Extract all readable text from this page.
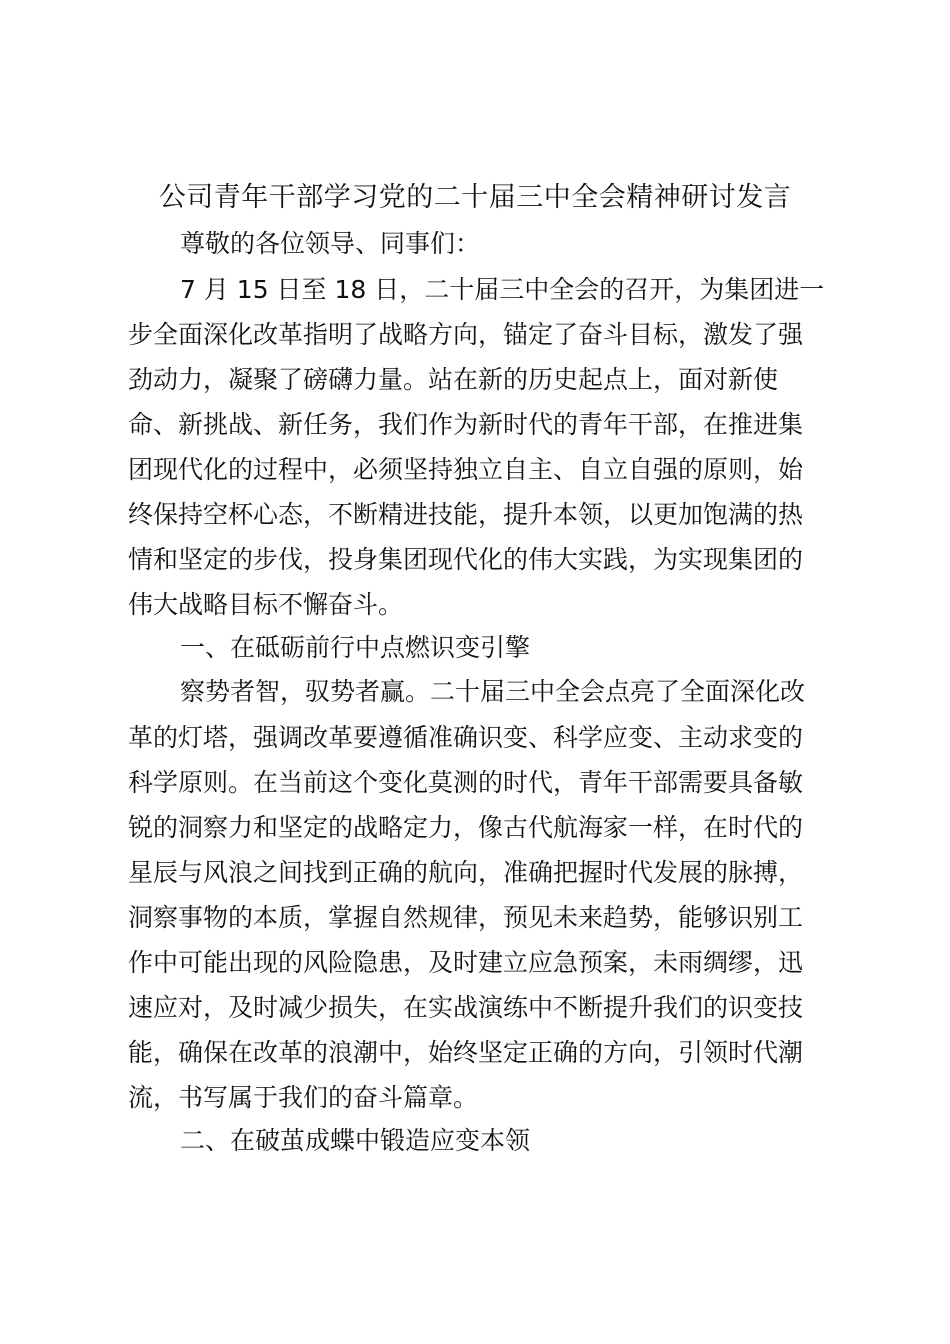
公司青年干部学习党的二十届三中全会精神研讨发言

尊敬的各位领导、同事们：

7 月 15 日至 18 日，二十届三中全会的召开，为集团进一

步全面深化改革指明了战略方向，锚定了奋斗目标，激发了强

劲动力，凝聚了磅礴力量。站在新的历史起点上，面对新使

命、新挑战、新任务，我们作为新时代的青年干部，在推进集

团现代化的过程中，必须坚持独立自主、自立自强的原则，始

终保持空杯心态，不断精进技能，提升本领，以更加饱满的热

情和坚定的步伐，投身集团现代化的伟大实践，为实现集团的

伟大战略目标不懈奋斗。

一、在砥砺前行中点燃识变引擎

察势者智，驭势者赢。二十届三中全会点亮了全面深化改

革的灯塔，强调改革要遵循准确识变、科学应变、主动求变的

科学原则。在当前这个变化莫测的时代，青年干部需要具备敏

锐的洞察力和坚定的战略定力，像古代航海家一样，在时代的

星辰与风浪之间找到正确的航向，准确把握时代发展的脉搏，

洞察事物的本质，掌握自然规律，预见未来趋势，能够识别工

作中可能出现的风险隐患，及时建立应急预案，未雨绸缪，迅

速应对，及时减少损失，在实战演练中不断提升我们的识变技

能，确保在改革的浪潮中，始终坚定正确的方向，引领时代潮

流，书写属于我们的奋斗篇章。

二、在破茧成蝶中锻造应变本领
